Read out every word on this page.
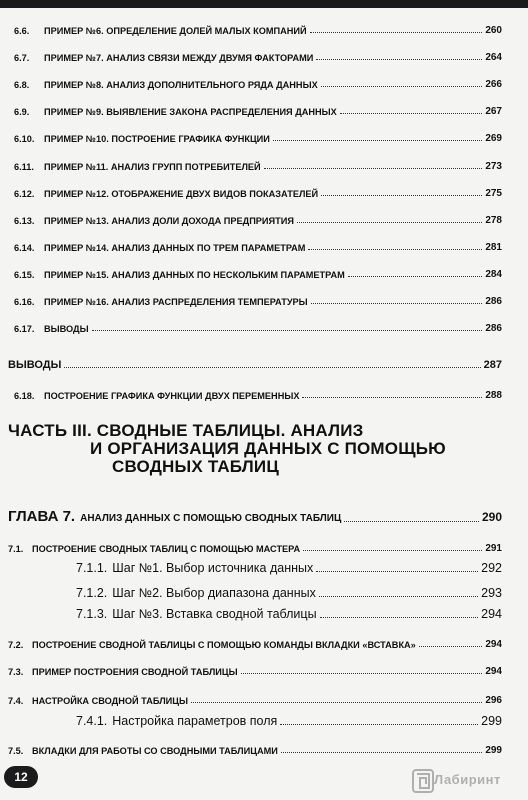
6.6.	ПРИМЕР №6. ОПРЕДЕЛЕНИЕ ДОЛЕЙ МАЛЫХ КОМПАНИЙ	260
6.7.	ПРИМЕР №7. АНАЛИЗ СВЯЗИ МЕЖДУ ДВУМЯ ФАКТОРАМИ	264
6.8.	ПРИМЕР №8. АНАЛИЗ ДОПОЛНИТЕЛЬНОГО РЯДА ДАННЫХ	266
6.9.	ПРИМЕР №9. ВЫЯВЛЕНИЕ ЗАКОНА РАСПРЕДЕЛЕНИЯ ДАННЫХ	267
6.10.	ПРИМЕР №10. ПОСТРОЕНИЕ ГРАФИКА ФУНКЦИИ	269
6.11.	ПРИМЕР №11. АНАЛИЗ ГРУПП ПОТРЕБИТЕЛЕЙ	273
6.12.	ПРИМЕР №12. ОТОБРАЖЕНИЕ ДВУХ ВИДОВ ПОКАЗАТЕЛЕЙ	275
6.13.	ПРИМЕР №13. АНАЛИЗ ДОЛИ ДОХОДА ПРЕДПРИЯТИЯ	278
6.14.	ПРИМЕР №14. АНАЛИЗ ДАННЫХ ПО ТРЕМ ПАРАМЕТРАМ	281
6.15.	ПРИМЕР №15. АНАЛИЗ ДАННЫХ ПО НЕСКОЛЬКИМ ПАРАМЕТРАМ	284
6.16.	ПРИМЕР №16. АНАЛИЗ РАСПРЕДЕЛЕНИЯ ТЕМПЕРАТУРЫ	286
6.17.	ВЫВОДЫ	286
ВЫВОДЫ	287
6.18.	ПОСТРОЕНИЕ ГРАФИКА ФУНКЦИИ ДВУХ ПЕРЕМЕННЫХ	288
ЧАСТЬ III. СВОДНЫЕ ТАБЛИЦЫ. АНАЛИЗ
И ОРГАНИЗАЦИЯ ДАННЫХ С ПОМОЩЬЮ
СВОДНЫХ ТАБЛИЦ
ГЛАВА 7. АНАЛИЗ ДАННЫХ С ПОМОЩЬЮ СВОДНЫХ ТАБЛИЦ	290
7.1. ПОСТРОЕНИЕ СВОДНЫХ ТАБЛИЦ С ПОМОЩЬЮ МАСТЕРА	291
7.1.1. Шаг №1. Выбор источника данных	292
7.1.2. Шаг №2. Выбор диапазона данных	293
7.1.3. Шаг №3. Вставка сводной таблицы	294
7.2. ПОСТРОЕНИЕ СВОДНОЙ ТАБЛИЦЫ С ПОМОЩЬЮ КОМАНДЫ ВКЛАДКИ «ВСТАВКА»	294
7.3. ПРИМЕР ПОСТРОЕНИЯ СВОДНОЙ ТАБЛИЦЫ	294
7.4. НАСТРОЙКА СВОДНОЙ ТАБЛИЦЫ	296
7.4.1. Настройка параметров поля	299
7.5. ВКЛАДКИ ДЛЯ РАБОТЫ СО СВОДНЫМИ ТАБЛИЦАМИ	299
12	Лабиринт
